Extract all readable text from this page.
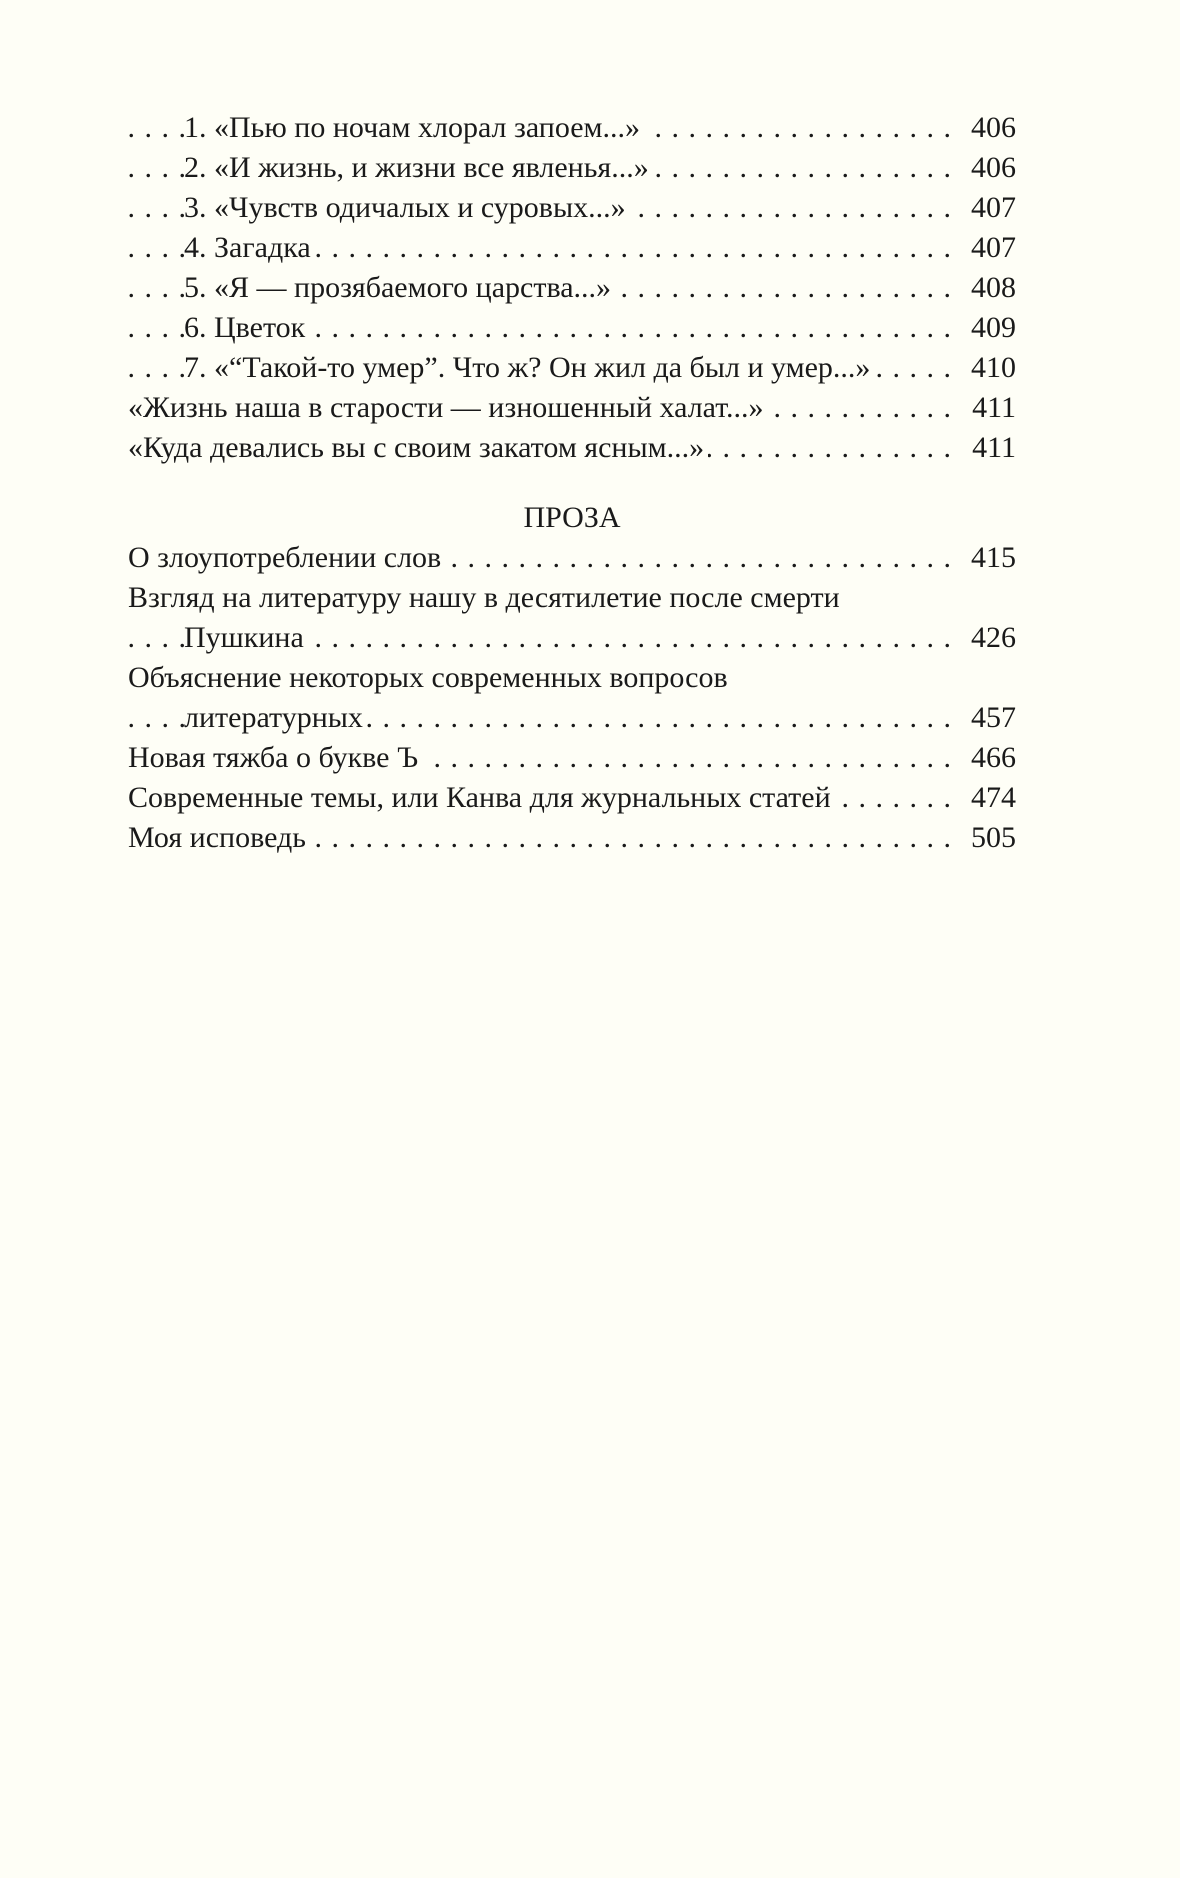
. . .
1. «Пью по ночам хлорал запоем...»	406
. . .
2. «И жизнь, и жизни все явленья...»	406
. . .
3. «Чувств одичалых и суровых...»	407
. . .
4. Загадка	407
. . .
5. «Я — прозябаемого царства...»	408
. . .
6. Цветок	409
. . .
7. «“Такой-то умер”. Что ж? Он жил да был и умер...»	410
. . .
«Жизнь наша в старости — изношенный халат...»	411
. . .
«Куда девались вы с своим закатом ясным...»	411
ПРОЗА
. . .
О злоупотреблении слов	415
Взгляд на литературу нашу в десятилетие после смерти
. . .
Пушкина	426
Объяснение некоторых современных вопросов
. . .
литературных	457
. . .
Новая тяжба о букве Ъ	466
. . .
Современные темы, или Канва для журнальных статей	474
. . .
Моя исповедь	505
